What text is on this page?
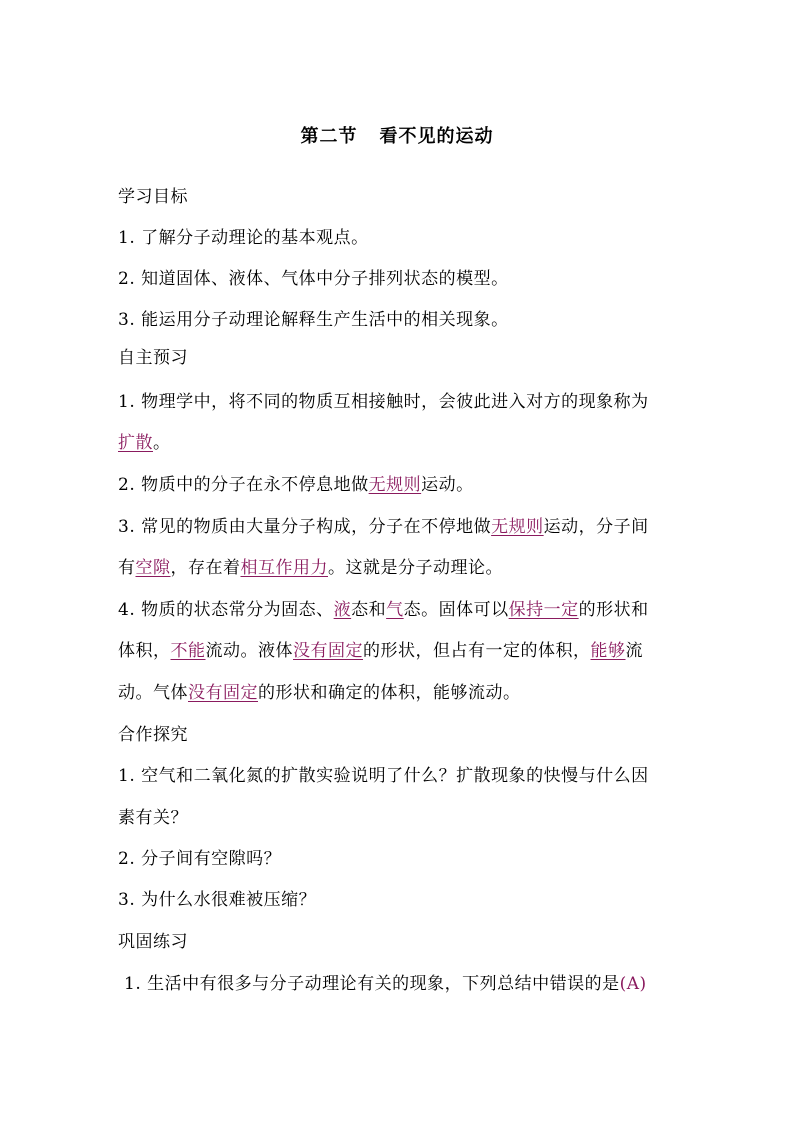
第二节 看不见的运动
学习目标
1. 了解分子动理论的基本观点。
2. 知道固体、液体、气体中分子排列状态的模型。
3. 能运用分子动理论解释生产生活中的相关现象。
自主预习
1. 物理学中，将不同的物质互相接触时，会彼此进入对方的现象称为
扩散。
2. 物质中的分子在永不停息地做无规则运动。
3. 常见的物质由大量分子构成，分子在不停地做无规则运动，分子间
有空隙，存在着相互作用力。这就是分子动理论。
4. 物质的状态常分为固态、液态和气态。固体可以保持一定的形状和
体积，不能流动。液体没有固定的形状，但占有一定的体积，能够流
动。气体没有固定的形状和确定的体积，能够流动。
合作探究
1. 空气和二氧化氮的扩散实验说明了什么？扩散现象的快慢与什么因
素有关？
2. 分子间有空隙吗？
3. 为什么水很难被压缩？
巩固练习
1. 生活中有很多与分子动理论有关的现象，下列总结中错误的是(A)
